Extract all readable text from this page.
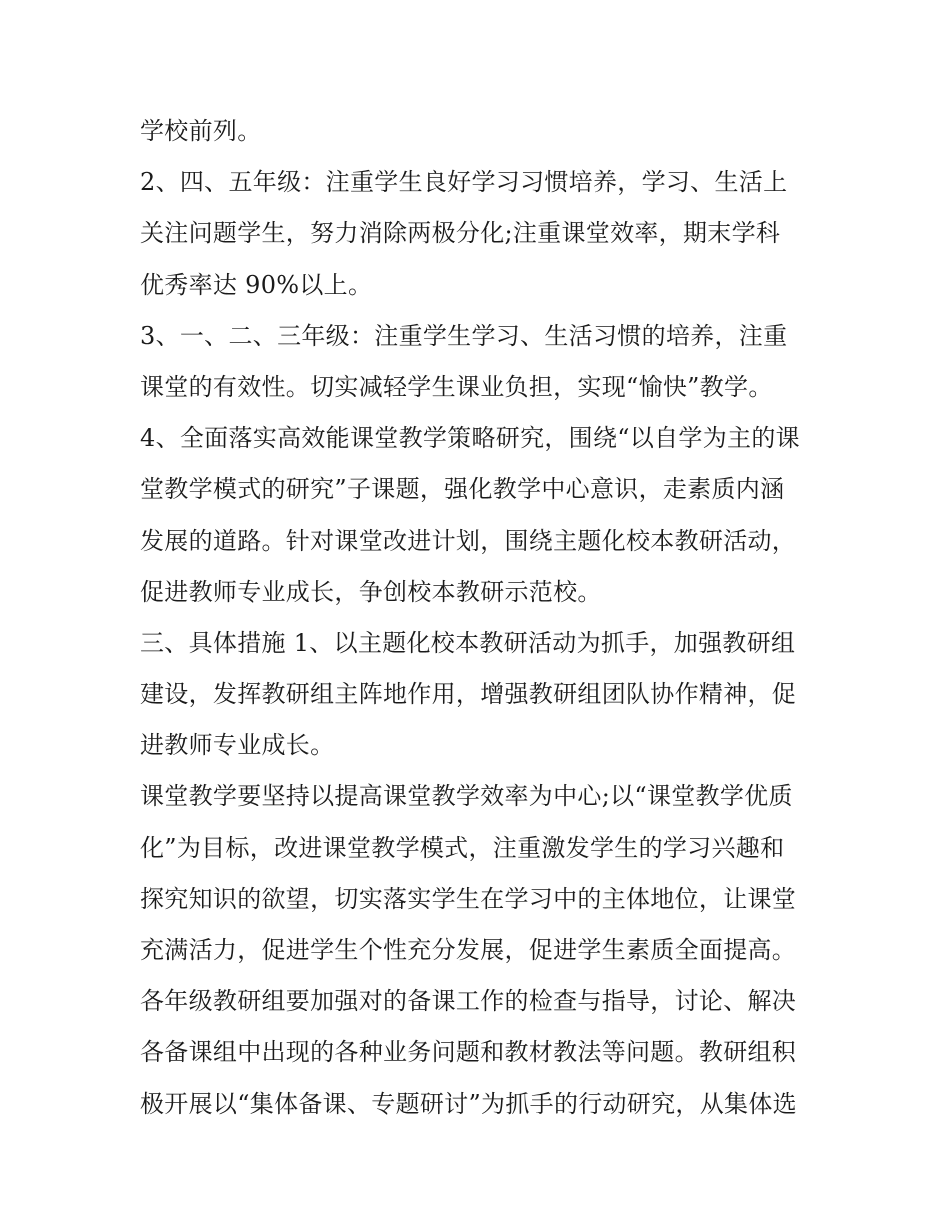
学校前列。
2、四、五年级：注重学生良好学习习惯培养，学习、生活上
关注问题学生，努力消除两极分化;注重课堂效率，期末学科
优秀率达 90%以上。
3、一、二、三年级：注重学生学习、生活习惯的培养，注重
课堂的有效性。切实减轻学生课业负担，实现“愉快”教学。
4、全面落实高效能课堂教学策略研究，围绕“以自学为主的课
堂教学模式的研究”子课题，强化教学中心意识，走素质内涵
发展的道路。针对课堂改进计划，围绕主题化校本教研活动，
促进教师专业成长，争创校本教研示范校。
三、具体措施 1、以主题化校本教研活动为抓手，加强教研组
建设，发挥教研组主阵地作用，增强教研组团队协作精神，促
进教师专业成长。
课堂教学要坚持以提高课堂教学效率为中心;以“课堂教学优质
化”为目标，改进课堂教学模式，注重激发学生的学习兴趣和
探究知识的欲望，切实落实学生在学习中的主体地位，让课堂
充满活力，促进学生个性充分发展，促进学生素质全面提高。
各年级教研组要加强对的备课工作的检查与指导，讨论、解决
各备课组中出现的各种业务问题和教材教法等问题。教研组积
极开展以“集体备课、专题研讨”为抓手的行动研究，从集体选
